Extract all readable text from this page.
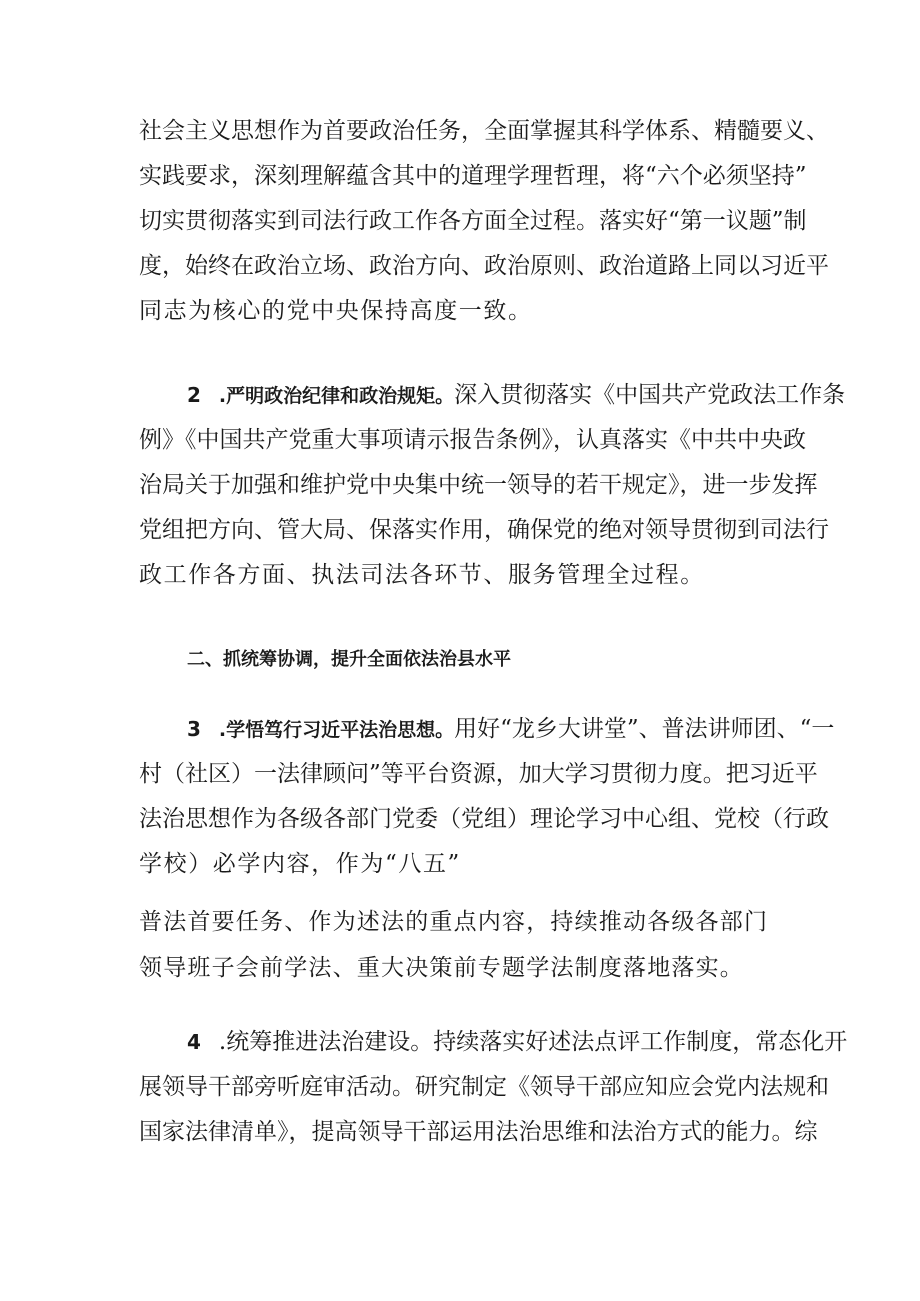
社会主义思想作为首要政治任务，全面掌握其科学体系、精髓要义、
实践要求，深刻理解蕴含其中的道理学理哲理，将“六个必须坚持”
切实贯彻落实到司法行政工作各方面全过程。落实好“第一议题”制
度，始终在政治立场、政治方向、政治原则、政治道路上同以习近平
同志为核心的党中央保持高度一致。
2 .严明政治纪律和政治规矩。深入贯彻落实《中国共产党政法工作条
例》《中国共产党重大事项请示报告条例》，认真落实《中共中央政
治局关于加强和维护党中央集中统一领导的若干规定》，进一步发挥
党组把方向、管大局、保落实作用，确保党的绝对领导贯彻到司法行
政工作各方面、执法司法各环节、服务管理全过程。
二、抓统筹协调，提升全面依法治县水平
3 .学悟笃行习近平法治思想。用好“龙乡大讲堂”、普法讲师团、“一
村（社区）一法律顾问”等平台资源，加大学习贯彻力度。把习近平
法治思想作为各级各部门党委（党组）理论学习中心组、党校（行政
学校）必学内容，作为“八五”
普法首要任务、作为述法的重点内容，持续推动各级各部门
领导班子会前学法、重大决策前专题学法制度落地落实。
4 .统筹推进法治建设。持续落实好述法点评工作制度，常态化开
展领导干部旁听庭审活动。研究制定《领导干部应知应会党内法规和
国家法律清单》，提高领导干部运用法治思维和法治方式的能力。综
